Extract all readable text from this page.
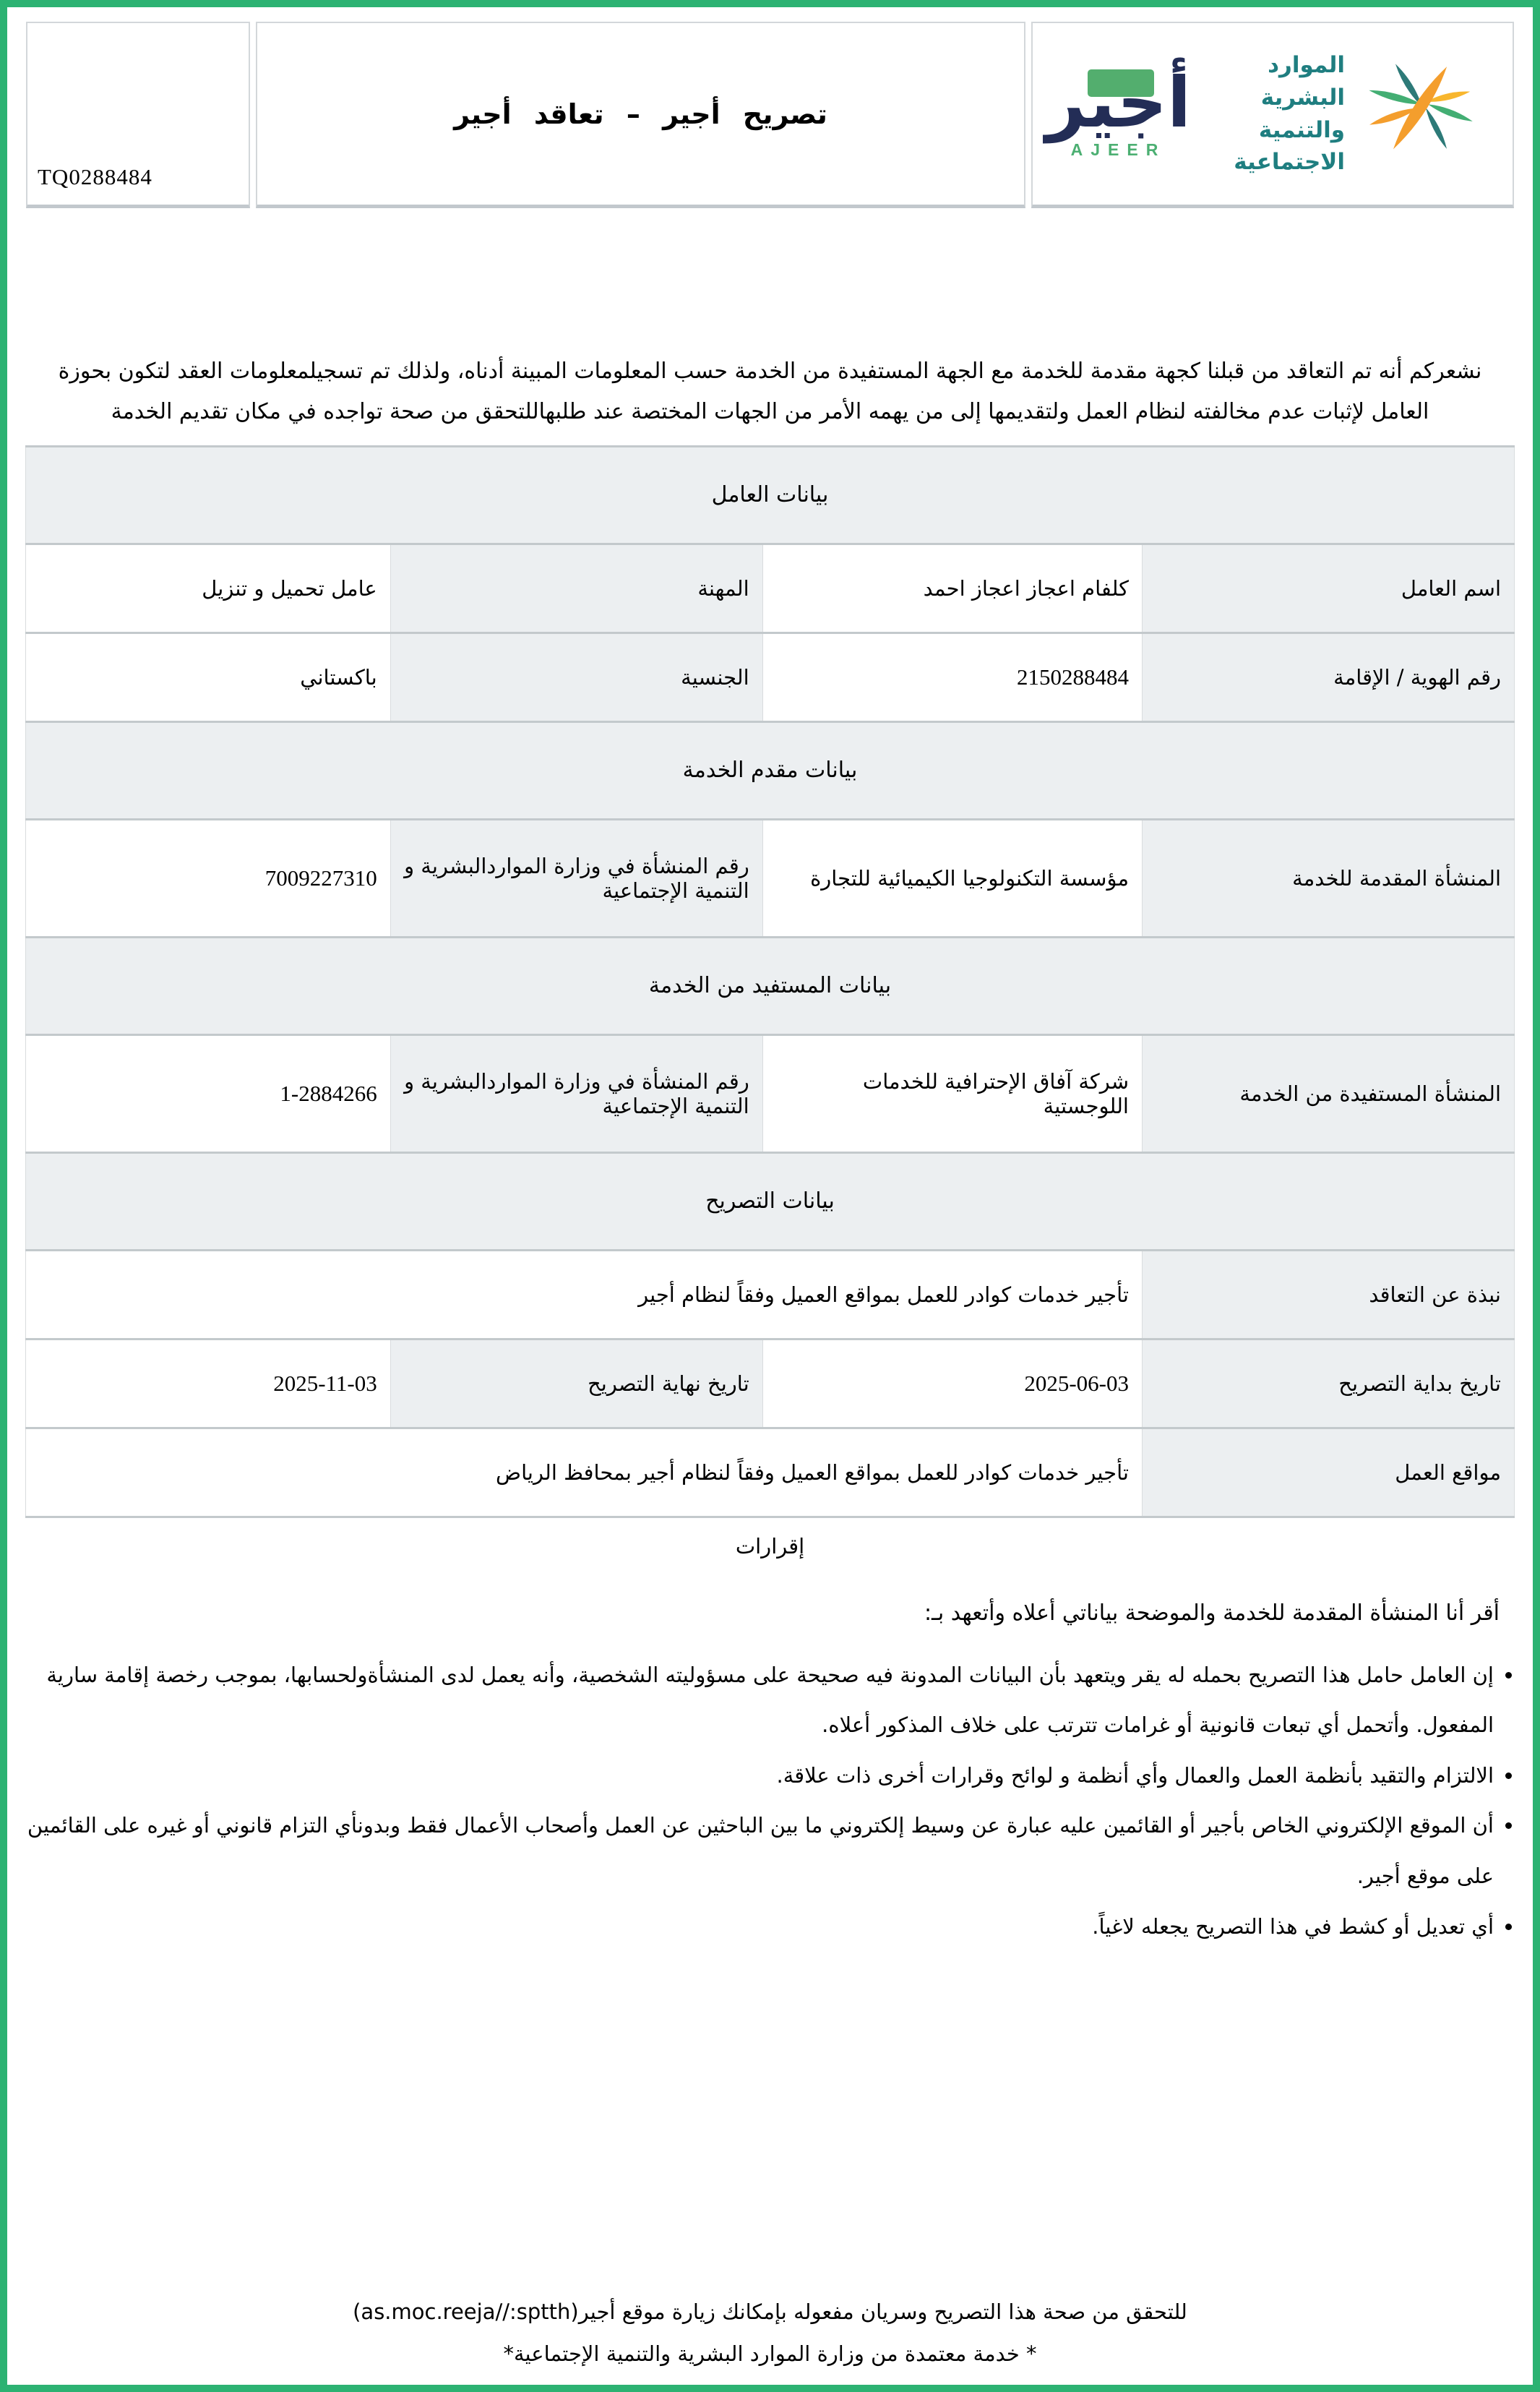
TQ0288484
تصريح أجير – تعاقد أجير	أجير
AJEER
الموارد البشرية
والتنمية الاجتماعية

نشعركم أنه تم التعاقد من قبلنا كجهة مقدمة للخدمة مع الجهة المستفيدة من الخدمة حسب المعلومات المبينة أدناه، ولذلك تم تسجيلمعلومات العقد لتكون بحوزة العامل لإثبات عدم مخالفته لنظام العمل ولتقديمها إلى من يهمه الأمر من الجهات المختصة عند طلبهاللتحقق من صحة تواجده في مكان تقديم الخدمة

بيانات العامل			
اسم العامل	كلفام اعجاز اعجاز احمد	المهنة	عامل تحميل و تنزيل
رقم الهوية / الإقامة	2150288484	الجنسية	باكستاني
بيانات مقدم الخدمة			
المنشأة المقدمة للخدمة	مؤسسة التكنولوجيا الكيميائية للتجارة	رقم المنشأة في وزارة المواردالبشرية و التنمية الإجتماعية	7009227310
بيانات المستفيد من الخدمة			
المنشأة المستفيدة من الخدمة	شركة آفاق الإحترافية للخدمات اللوجستية	رقم المنشأة في وزارة المواردالبشرية و التنمية الإجتماعية	1-2884266
بيانات التصريح			
نبذة عن التعاقد	تأجير خدمات كوادر للعمل بمواقع العميل وفقاً لنظام أجير		
تاريخ بداية التصريح	2025-06-03	تاريخ نهاية التصريح	2025-11-03
مواقع العمل	تأجير خدمات كوادر للعمل بمواقع العميل وفقاً لنظام أجير بمحافظ الرياض		
إقرارات
أقر أنا المنشأة المقدمة للخدمة والموضحة بياناتي أعلاه وأتعهد بـ:
• إن العامل حامل هذا التصريح بحمله له يقر ويتعهد بأن البيانات المدونة فيه صحيحة على مسؤوليته الشخصية، وأنه يعمل لدى المنشأةولحسابها، بموجب رخصة إقامة سارية المفعول. وأتحمل أي تبعات قانونية أو غرامات تترتب على خلاف المذكور أعلاه.
• الالتزام والتقيد بأنظمة العمل والعمال وأي أنظمة و لوائح وقرارات أخرى ذات علاقة.
• أن الموقع الإلكتروني الخاص بأجير أو القائمين عليه عبارة عن وسيط إلكتروني ما بين الباحثين عن العمل وأصحاب الأعمال فقط وبدونأي التزام قانوني أو غيره على القائمين على موقع أجير.
• أي تعديل أو كشط في هذا التصريح يجعله لاغياً.
للتحقق من صحة هذا التصريح وسريان مفعوله بإمكانك زيارة موقع أجير(as.moc.reeja//:sptth)
* خدمة معتمدة من وزارة الموارد البشرية والتنمية الإجتماعية*
